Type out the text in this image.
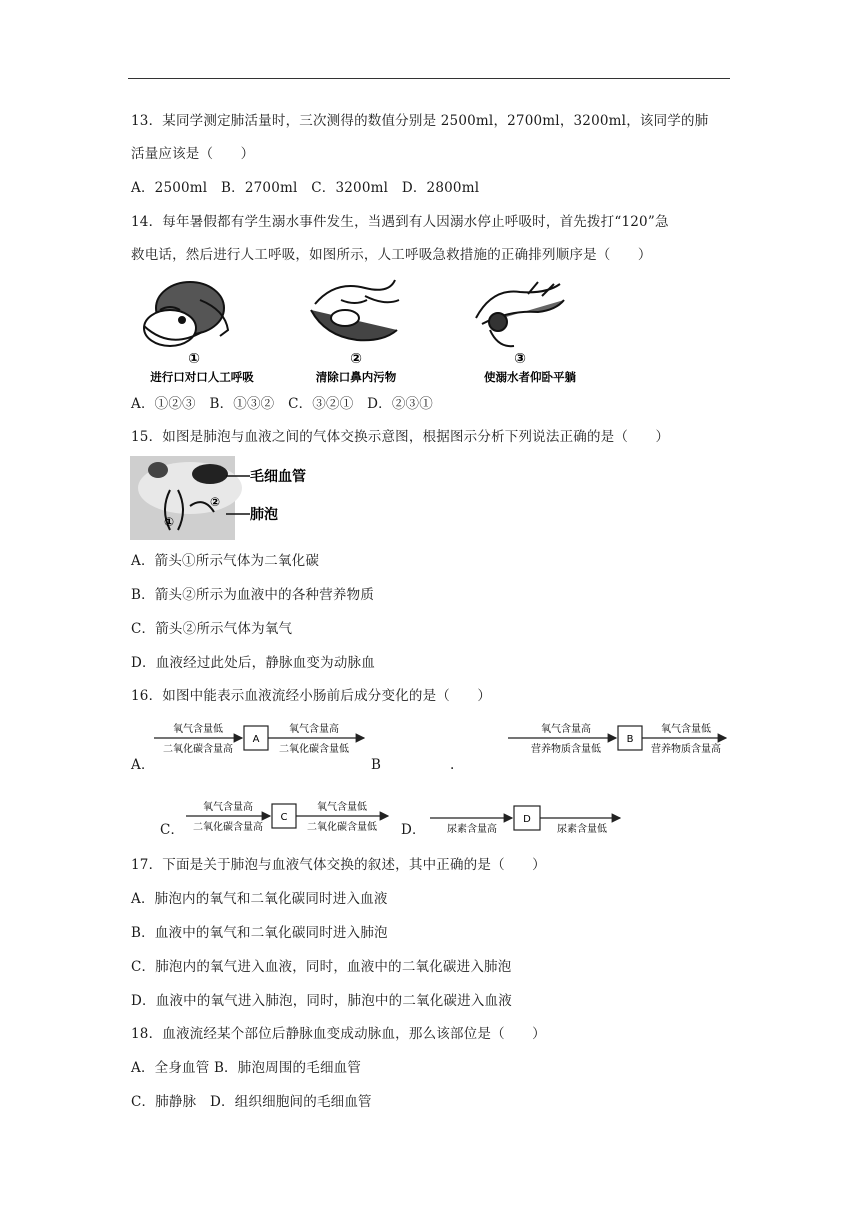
13．某同学测定肺活量时，三次测得的数值分别是 2500ml，2700ml，3200ml，该同学的肺
活量应该是（　　）
A．2500ml　B．2700ml　C．3200ml　D．2800ml
14．每年暑假都有学生溺水事件发生，当遇到有人因溺水停止呼吸时，首先拨打“120”急
救电话，然后进行人工呼吸，如图所示，人工呼吸急救措施的正确排列顺序是（　　）
①
进行口对口人工呼吸
②
清除口鼻内污物
③
使溺水者仰卧平躺
A．①②③　B．①③②　C．③②①　D．②③①
15．如图是肺泡与血液之间的气体交换示意图，根据图示分析下列说法正确的是（　　）
毛细血管
肺泡
①
②
A．箭头①所示气体为二氧化碳
B．箭头②所示为血液中的各种营养物质
C．箭头②所示气体为氧气
D．血液经过此处后，静脉血变为动脉血
16．如图中能表示血液流经小肠前后成分变化的是（　　）
A
氧气含量低
二氧化碳含量高
氧气含量高
二氧化碳含量低
A．	B	.
B
氧气含量高
营养物质含量低
氧气含量低
营养物质含量高
C
氧气含量高
二氧化碳含量高
氧气含量低
二氧化碳含量低
C．	D．
D
尿素含量高	尿素含量低
17．下面是关于肺泡与血液气体交换的叙述，其中正确的是（　　）
A．肺泡内的氧气和二氧化碳同时进入血液
B．血液中的氧气和二氧化碳同时进入肺泡
C．肺泡内的氧气进入血液，同时，血液中的二氧化碳进入肺泡
D．血液中的氧气进入肺泡，同时，肺泡中的二氧化碳进入血液
18．血液流经某个部位后静脉血变成动脉血，那么该部位是（　　）
A．全身血管 B．肺泡周围的毛细血管
C．肺静脉　D．组织细胞间的毛细血管
